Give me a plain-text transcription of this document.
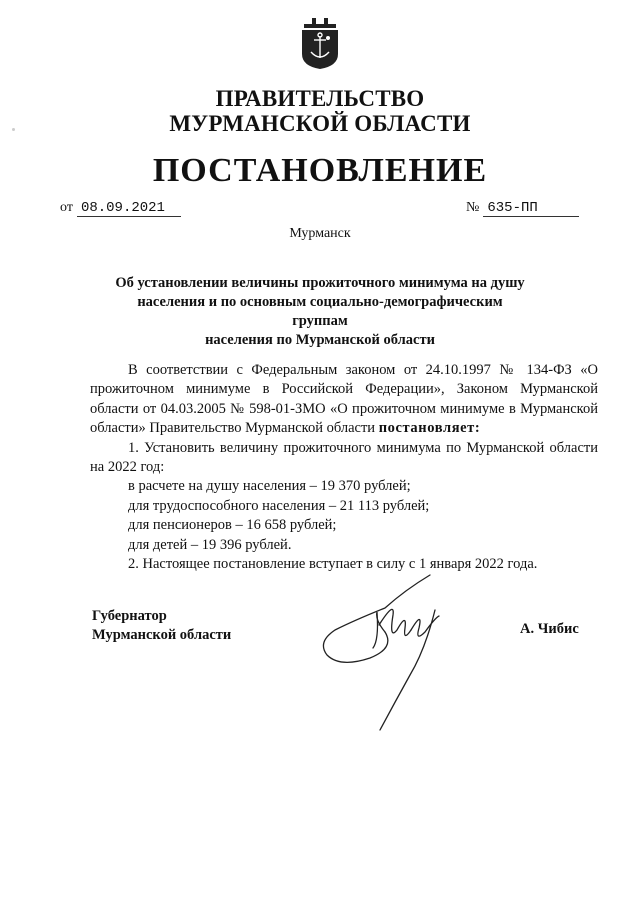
ПРАВИТЕЛЬСТВО
МУРМАНСКОЙ ОБЛАСТИ
ПОСТАНОВЛЕНИЕ
от 08.09.2021	№ 635-ПП
Мурманск
Об установлении величины прожиточного минимума на душу
населения и по основным социально-демографическим группам
населения по Мурманской области

В соответствии с Федеральным законом от 24.10.1997 № 134-ФЗ «О прожиточном минимуме в Российской Федерации», Законом Мурманской области от 04.03.2005 № 598-01-ЗМО «О прожиточном минимуме в Мурманской области» Правительство Мурманской области постановляет:

1. Установить величину прожиточного минимума по Мурманской области на 2022 год:

в расчете на душу населения – 19 370 рублей;

для трудоспособного населения – 21 113 рублей;

для пенсионеров – 16 658 рублей;

для детей – 19 396 рублей.

2. Настоящее постановление вступает в силу с 1 января 2022 года.

Губернатор
Мурманской области	А. Чибис
